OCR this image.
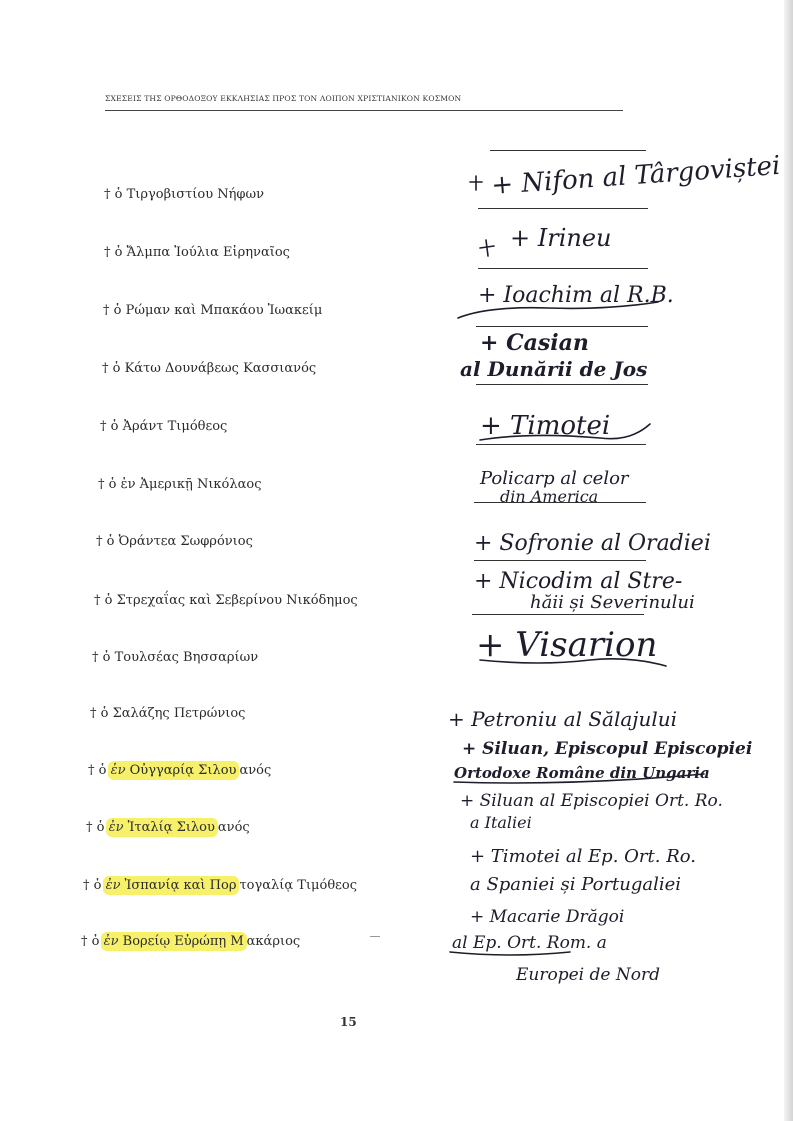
ΣΧΕΣΕΙΣ ΤΗΣ ΟΡΘΟΔΟΞΟΥ ΕΚΚΛΗΣΙΑΣ ΠΡΟΣ ΤΟΝ ΛΟΙΠΟΝ ΧΡΙΣΤΙΑΝΙΚΟΝ ΚΟΣΜΟΝ
† ὁ Τιργοβιστίου Νήφων
† ὁ Ἄλμπα Ἰούλια Εἰρηναῖος
† ὁ Ρώμαν καὶ Μπακάου Ἰωακείμ
† ὁ Κάτω Δουνάβεως Κασσιανός
† ὁ Ἀράντ Τιμόθεος
† ὁ ἐν Ἀμερικῇ Νικόλαος
† ὁ Ὀράντεα Σωφρόνιος
† ὁ Στρεχαΐας καὶ Σεβερίνου Νικόδημος
† ὁ Τουλσέας Βησσαρίων
† ὁ Σαλάζης Πετρώνιος
† ὁ ἐν Οὐγγαρίᾳ Σιλου ανός
† ὁ ἐν Ἰταλίᾳ Σιλου ανός
† ὁ ἐν Ἰσπανίᾳ καὶ Πορ τογαλίᾳ Τιμόθεος
† ὁ ἐν Βορείῳ Εὐρώπῃ Μ ακάριος
+ Nifon al Târgoviștei
+ Irineu
+ Ioachim al R.B.
+ Casian
al Dunării de Jos
+ Timotei
Policarp al celor
din America
+ Sofronie al Oradiei
+ Nicodim al Stre-
hăii și Severinului
+ Visarion
+ Petroniu al Sălajului
+ Siluan, Episcopul Episcopiei
Ortodoxe Române din Ungaria
+ Siluan al Episcopiei Ort. Ro.
a Italiei
+ Timotei al Ep. Ort. Ro.
a Spaniei și Portugaliei
+ Macarie Drăgoi
al Ep. Ort. Rom. a
Europei de Nord
15
